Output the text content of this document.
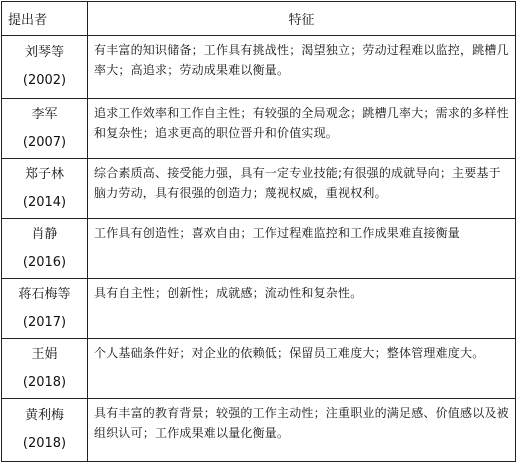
提出者	特征

刘琴等
(2002)	有丰富的知识储备；工作具有挑战性；渴望独立；劳动过程难以监控，跳槽几率大；高追求；劳动成果难以衡量。

李军
(2007)	追求工作效率和工作自主性；有较强的全局观念；跳槽几率大；需求的多样性和复杂性；追求更高的职位晋升和价值实现。

郑子林
(2014)	综合素质高、接受能力强，具有一定专业技能;有很强的成就导向；主要基于脑力劳动，具有很强的创造力；蔑视权威，重视权利。

肖静
(2016)	工作具有创造性；喜欢自由；工作过程难监控和工作成果难直接衡量

蒋石梅等
(2017)	具有自主性；创新性；成就感；流动性和复杂性。

王娟
(2018)	个人基础条件好；对企业的依赖低；保留员工难度大；整体管理难度大。

黄利梅
(2018)	具有丰富的教育背景；较强的工作主动性；注重职业的满足感、价值感以及被组织认可；工作成果难以量化衡量。
